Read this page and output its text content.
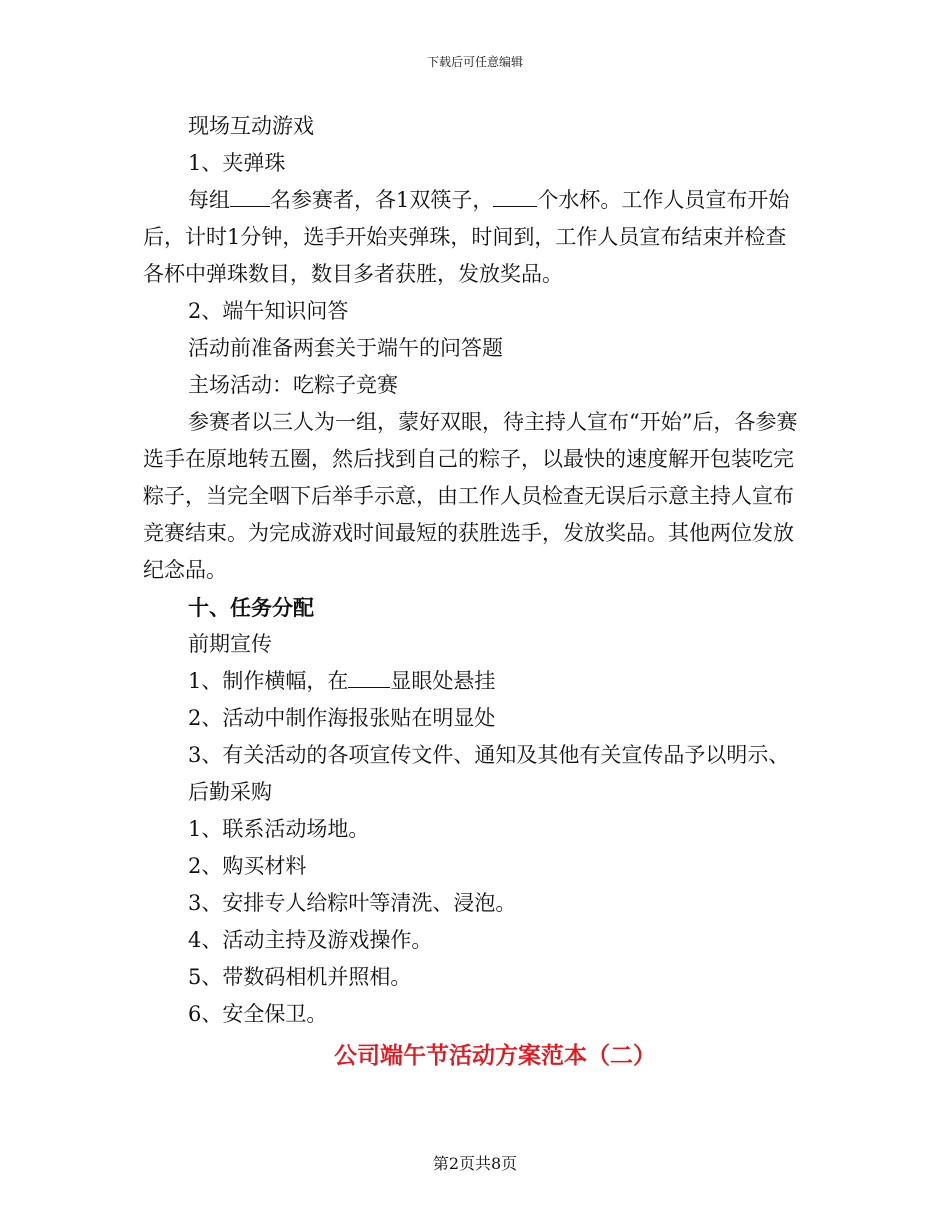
下载后可任意编辑

现场互动游戏

1、夹弹珠

每组 名参赛者，各1双筷子， 个水杯。工作人员宣布开始后，计时1分钟，选手开始夹弹珠，时间到，工作人员宣布结束并检查各杯中弹珠数目，数目多者获胜，发放奖品。

2、端午知识问答

活动前准备两套关于端午的问答题

主场活动：吃粽子竞赛

参赛者以三人为一组，蒙好双眼，待主持人宣布“开始”后，各参赛选手在原地转五圈，然后找到自己的粽子，以最快的速度解开包装吃完粽子，当完全咽下后举手示意，由工作人员检查无误后示意主持人宣布竞赛结束。为完成游戏时间最短的获胜选手，发放奖品。其他两位发放纪念品。

十、任务分配

前期宣传

1、制作横幅，在 显眼处悬挂

2、活动中制作海报张贴在明显处

3、有关活动的各项宣传文件、通知及其他有关宣传品予以明示、

后勤采购

1、联系活动场地。

2、购买材料

3、安排专人给粽叶等清洗、浸泡。

4、活动主持及游戏操作。

5、带数码相机并照相。

6、安全保卫。

公司端午节活动方案范本（二）
第2页共8页
